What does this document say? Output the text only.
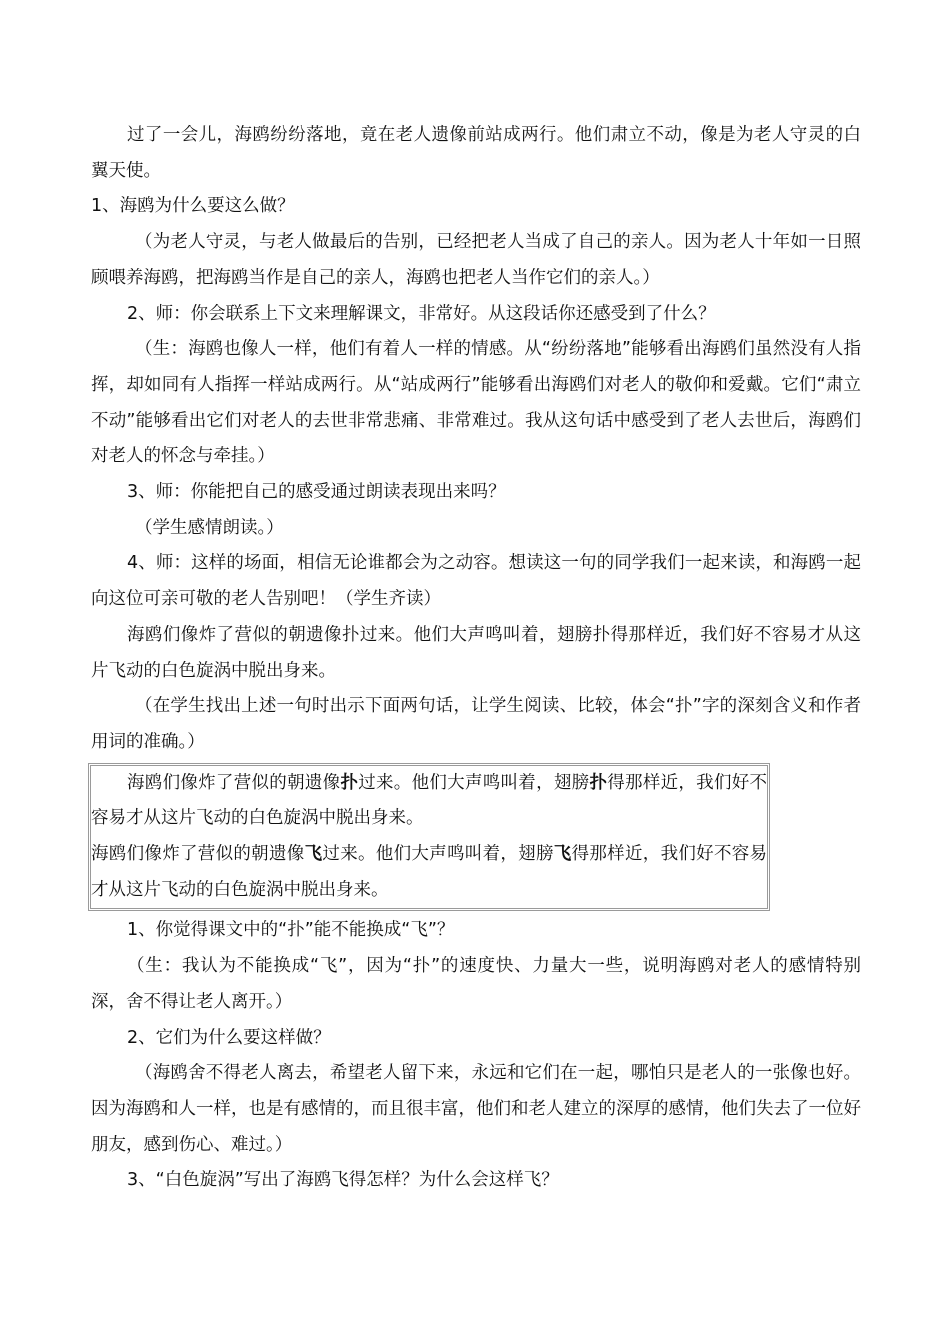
过了一会儿，海鸥纷纷落地，竟在老人遗像前站成两行。他们肃立不动，像是为老人守灵的白翼天使。

1、海鸥为什么要这么做？

（为老人守灵，与老人做最后的告别，已经把老人当成了自己的亲人。因为老人十年如一日照顾喂养海鸥，把海鸥当作是自己的亲人，海鸥也把老人当作它们的亲人。）

2、师：你会联系上下文来理解课文，非常好。从这段话你还感受到了什么？

（生：海鸥也像人一样，他们有着人一样的情感。从“纷纷落地”能够看出海鸥们虽然没有人指挥，却如同有人指挥一样站成两行。从“站成两行”能够看出海鸥们对老人的敬仰和爱戴。它们“肃立不动”能够看出它们对老人的去世非常悲痛、非常难过。我从这句话中感受到了老人去世后，海鸥们对老人的怀念与牵挂。）

3、师：你能把自己的感受通过朗读表现出来吗？

（学生感情朗读。）

4、师：这样的场面，相信无论谁都会为之动容。想读这一句的同学我们一起来读，和海鸥一起向这位可亲可敬的老人告别吧！（学生齐读）

海鸥们像炸了营似的朝遗像扑过来。他们大声鸣叫着，翅膀扑得那样近，我们好不容易才从这片飞动的白色旋涡中脱出身来。

（在学生找出上述一句时出示下面两句话，让学生阅读、比较，体会“扑”字的深刻含义和作者用词的准确。）

海鸥们像炸了营似的朝遗像扑过来。他们大声鸣叫着，翅膀扑得那样近，我们好不容易才从这片飞动的白色旋涡中脱出身来。

海鸥们像炸了营似的朝遗像飞过来。他们大声鸣叫着，翅膀飞得那样近，我们好不容易才从这片飞动的白色旋涡中脱出身来。

1、你觉得课文中的“扑”能不能换成“飞”？

（生：我认为不能换成“飞”，因为“扑”的速度快、力量大一些，说明海鸥对老人的感情特别深，舍不得让老人离开。）

2、它们为什么要这样做？

（海鸥舍不得老人离去，希望老人留下来，永远和它们在一起，哪怕只是老人的一张像也好。因为海鸥和人一样，也是有感情的，而且很丰富，他们和老人建立的深厚的感情，他们失去了一位好朋友，感到伤心、难过。）

3、“白色旋涡”写出了海鸥飞得怎样？为什么会这样飞？
